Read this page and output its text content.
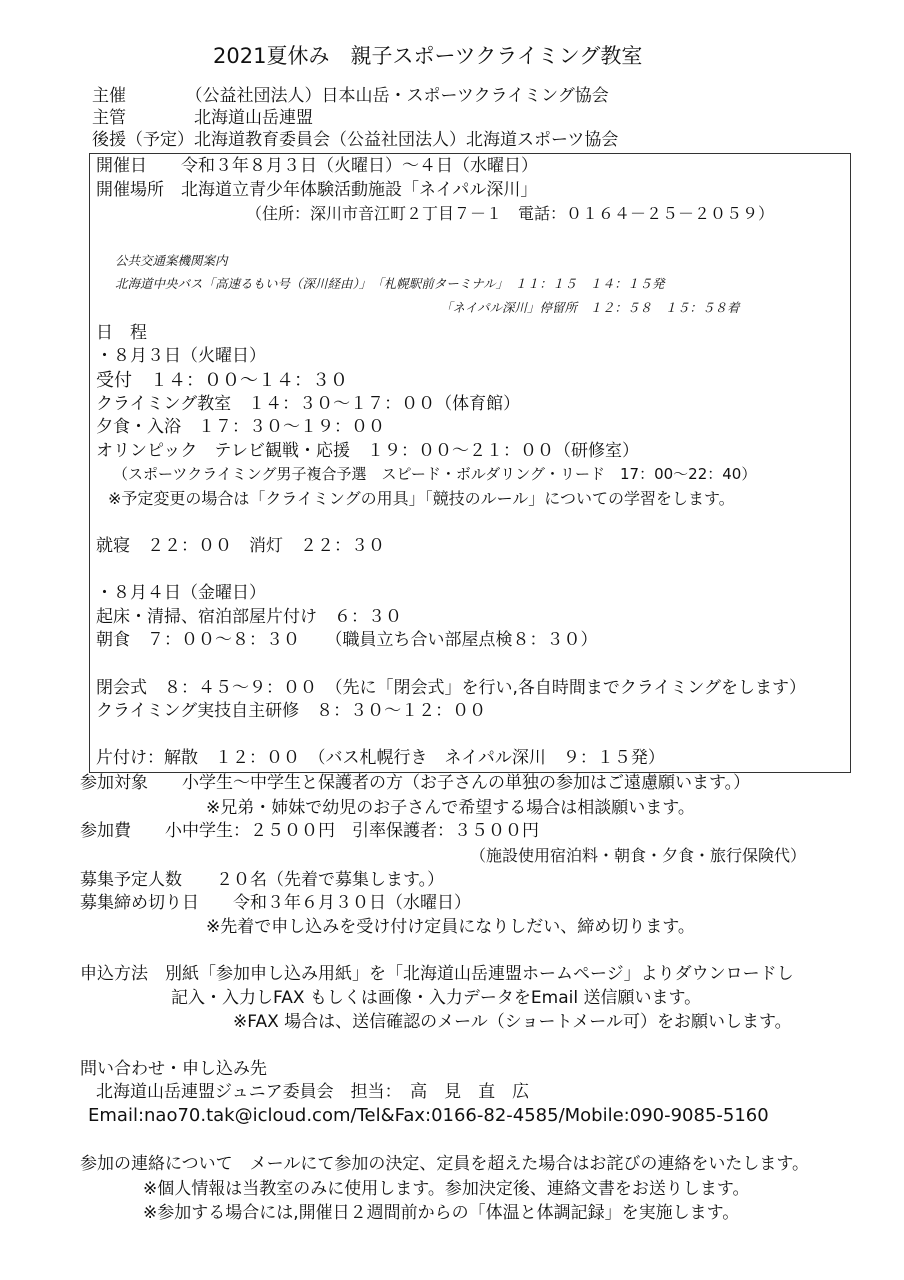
2021夏休み　親子スポーツクライミング教室
主催　　　　（公益社団法人）日本山岳・スポーツクライミング協会
主管　　　　北海道山岳連盟
後援（予定）北海道教育委員会（公益社団法人）北海道スポーツ協会
開催日　　令和３年８月３日（火曜日）～４日（水曜日）
開催場所　北海道立青少年体験活動施設「ネイパル深川」
（住所：深川市音江町２丁目７－１　電話：０１６４－２５－２０５９）
公共交通案機関案内
北海道中央バス「高速るもい号（深川経由）」　「札幌駅前ターミナル」　１１：１５　１４：１５発
「ネイパル深川」停留所　１２：５８　１５：５８着
日　程
・８月３日（火曜日）
受付　１４：００～１４：３０
クライミング教室　１４：３０～１７：００（体育館）
夕食・入浴　１７：３０～１９：００
オリンピック　テレビ観戦・応援　１９：００～２１：００（研修室）
（スポーツクライミング男子複合予選　スピード・ボルダリング・リード　17：00～22：40）
※予定変更の場合は「クライミングの用具」「競技のルール」についての学習をします。
就寝　２２：００　消灯　２２：３０
・８月４日（金曜日）
起床・清掃、宿泊部屋片付け　６：３０
朝食　７：００～８：３０　　（職員立ち合い部屋点検８：３０）
閉会式　８：４５～９：００　（先に「閉会式」を行い,各自時間までクライミングをします）
クライミング実技自主研修　８：３０～１２：００
片付け：解散　１２：００　（バス札幌行き　ネイパル深川　９：１５発）
参加対象　　小学生～中学生と保護者の方（お子さんの単独の参加はご遠慮願います。）
※兄弟・姉妹で幼児のお子さんで希望する場合は相談願います。
参加費　　小中学生：２５００円　引率保護者：３５００円
（施設使用宿泊料・朝食・夕食・旅行保険代）
募集予定人数　　２０名（先着で募集します。）
募集締め切り日　　令和３年６月３０日（水曜日）
※先着で申し込みを受け付け定員になりしだい、締め切ります。
申込方法　別紙「参加申し込み用紙」を「北海道山岳連盟ホームページ」よりダウンロードし
記入・入力しFAX もしくは画像・入力データをEmail 送信願います。
※FAX 場合は、送信確認のメール（ショートメール可）をお願いします。
問い合わせ・申し込み先
北海道山岳連盟ジュニア委員会　担当：　高　見　直　広
Email:nao70.tak@icloud.com/Tel&Fax:0166-82-4585/Mobile:090-9085-5160
参加の連絡について　メールにて参加の決定、定員を超えた場合はお詫びの連絡をいたします。
※個人情報は当教室のみに使用します。参加決定後、連絡文書をお送りします。
※参加する場合には,開催日２週間前からの「体温と体調記録」を実施します。
